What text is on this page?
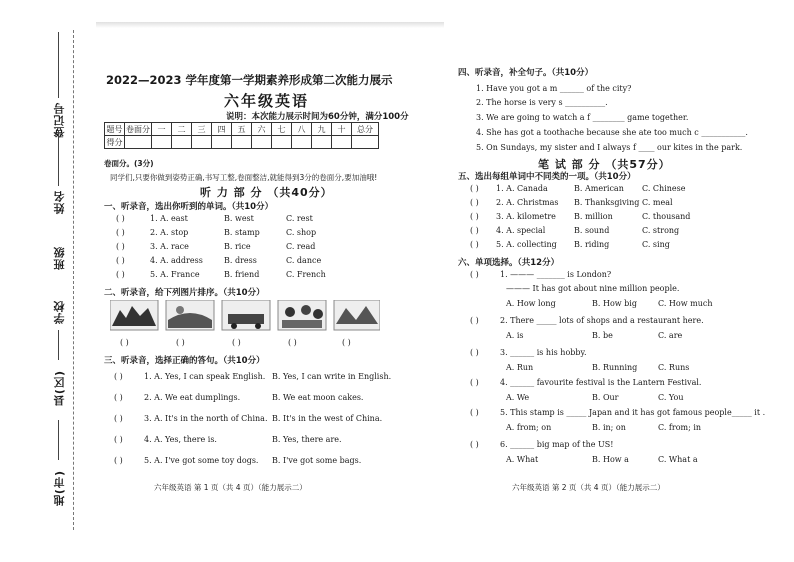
登记号
姓名
班级
学校
县(区)
地(市)
2022—2023 学年度第一学期素养形成第二次能力展示
六年级英语
说明：本次能力展示时间为60分钟，满分100分
题号	卷面分	一	二	三	四	五	六	七	八	九	十	总分
得分												
卷面分。(3分)
同学们,只要你做到姿势正确,书写工整,卷面整洁,就能得到3分的卷面分,要加油哦!
听 力 部 分 （共40分）
一、听录音，选出你听到的单词。（共10分）
( )	1. A. east	B. west	C. rest
( )	2. A. stop	B. stamp	C. shop
( )	3. A. race	B. rice	C. read
( )	4. A. address	B. dress	C. dance
( )	5. A. France	B. friend	C. French
二、听录音，给下列图片排序。（共10分）
( )	( )	( )	( )	( )
三、听录音，选择正确的答句。（共10分）
( )	1. A. Yes, I can speak English. B. Yes, I can write in English.
( )	2. A. We eat dumplings.	B. We eat moon cakes.
( )	3. A. It's in the north of China. B. It's in the west of China.
( )	4. A. Yes, there is.	B. Yes, there are.
( )	5. A. I've got some toy dogs. B. I've got some bags.
六年级英语 第 1 页（共 4 页）（能力展示二）
四、听录音，补全句子。（共10分）
1. Have you got a m ______ of the city?
2. The horse is very s __________.
3. We are going to watch a f ________ game together.
4. She has got a toothache because she ate too much c ___________.
5. On Sundays, my sister and I always f ____ our kites in the park.
笔 试 部 分 （共57分）
五、选出每组单词中不同类的一项。（共10分）
( ) 1. A. Canada	B. American C. Chinese
( ) 2. A. Christmas B. Thanksgiving C. meal
( ) 3. A. kilometre B. million	C. thousand
( ) 4. A. special	B. sound	C. strong
( ) 5. A. collecting B. riding	C. sing
六、单项选择。（共12分）
( )	1. ——— _______ is London?
——— It has got about nine million people.
A. How long	B. How big	C. How much
( )	2. There _____ lots of shops and a restaurant here.
A. is	B. be	C. are
( )	3. ______ is his hobby.
A. Run	B. Running	C. Runs
( )	4. ______ favourite festival is the Lantern Festival.
A. We	B. Our	C. You
( )	5. This stamp is _____ Japan and it has got famous people_____ it .
A. from; on	B. in; on	C. from; in
( )	6. ______ big map of the US!
A. What	B. How a	C. What a
六年级英语 第 2 页（共 4 页）（能力展示二）
